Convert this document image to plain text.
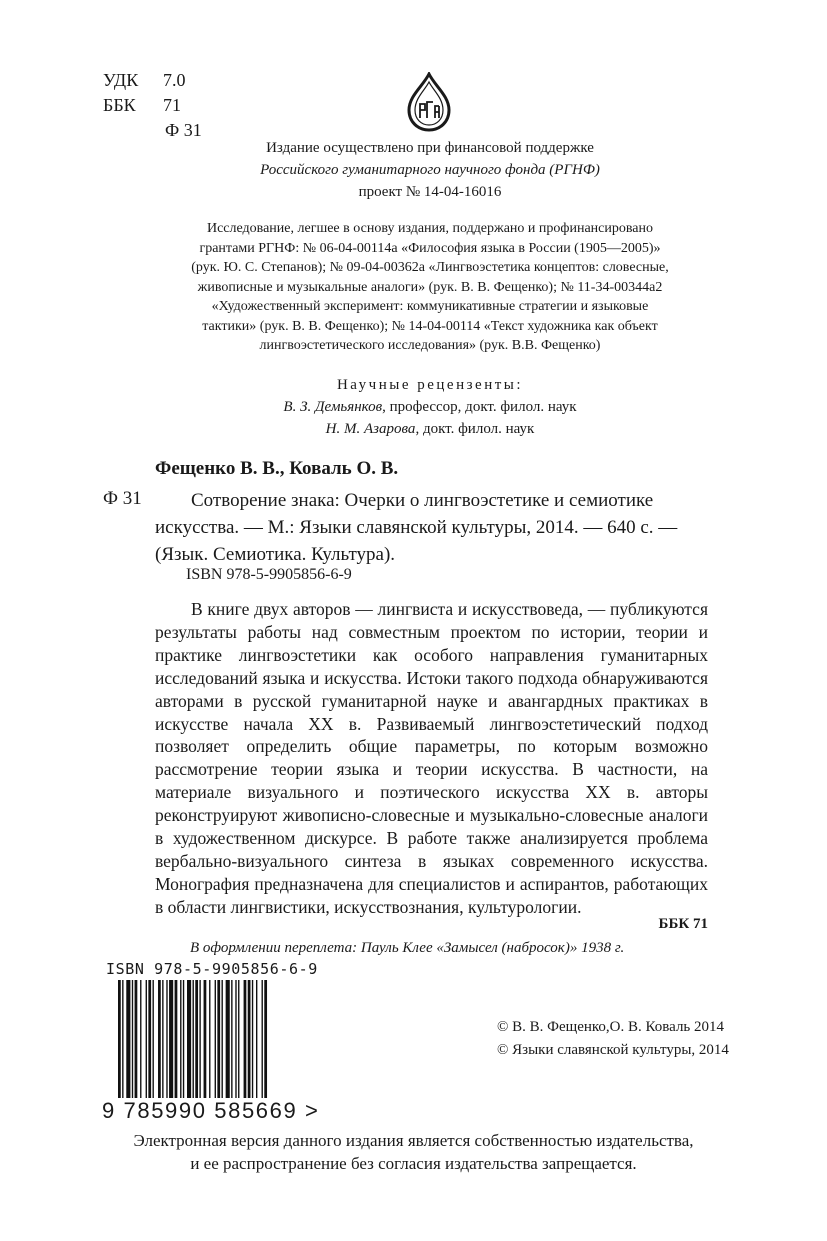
УДК	7.0
ББК	71
Ф 31
Издание осуществлено при финансовой поддержке
Российского гуманитарного научного фонда (РГНФ)
проект № 14-04-16016
Исследование, легшее в основу издания, поддержано и профинансировано
грантами РГНФ: № 06-04-00114а «Философия языка в России (1905—2005)»
(рук. Ю. С. Степанов); № 09-04-00362а «Лингвоэстетика концептов: словесные,
живописные и музыкальные аналоги» (рук. В. В. Фещенко); № 11-34-00344а2
«Художественный эксперимент: коммуникативные стратегии и языковые
тактики» (рук. В. В. Фещенко); № 14-04-00114 «Текст художника как объект
лингвоэстетического исследования» (рук. В.В. Фещенко)
Научные рецензенты:
В. З. Демьянков, профессор, докт. филол. наук
Н. М. Азарова, докт. филол. наук
Фещенко В. В., Коваль О. В.
Ф 31	Сотворение знака: Очерки о лингвоэстетике и семиотике
искусства. — М.: Языки славянской культуры, 2014. — 640 с. — (Язык. Семиотика. Культура).
ISBN 978-5-9905856-6-9
В книге двух авторов — лингвиста и искусствоведа, — публикуются результаты работы над совместным проектом по истории, теории и практике лингвоэстетики как особого направления гуманитарных исследований языка и искусства. Истоки такого подхода обнаруживаются авторами в русской гуманитарной науке и авангардных практиках в искусстве начала XX в. Развиваемый лингвоэстетический подход позволяет определить общие параметры, по которым возможно рассмотрение теории языка и теории искусства. В частности, на материале визуального и поэтического искусства XX в. авторы реконструируют живописно-словесные и музыкально-словесные аналоги в художественном дискурсе. В работе также анализируется проблема вербально-визуального синтеза в языках современного искусства. Монография предназначена для специалистов и аспирантов, работающих в области лингвистики, искусствознания, культурологии.
ББК 71
В оформлении переплета: Пауль Клее «Замысел (набросок)» 1938 г.
ISBN 978-5-9905856-6-9
9 785990 585669 >
© В. В. Фещенко,О. В. Коваль 2014
© Языки славянской культуры, 2014
Электронная версия данного издания является собственностью издательства,
и ее распространение без согласия издательства запрещается.
